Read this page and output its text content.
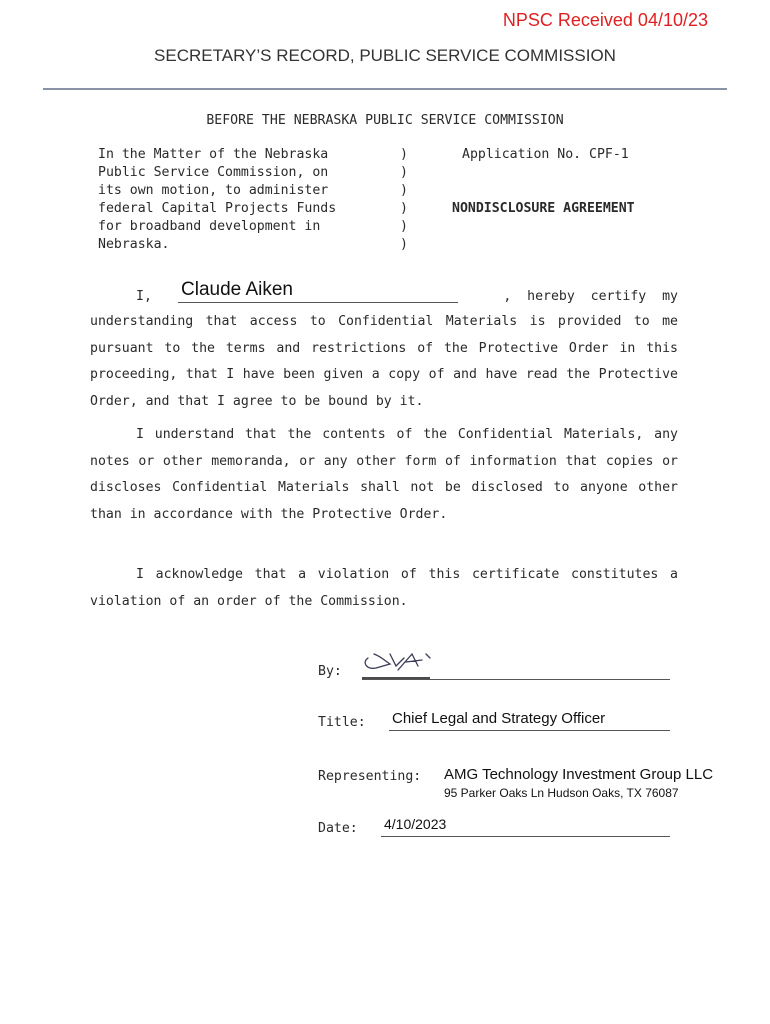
NPSC Received 04/10/23
SECRETARY’S RECORD, PUBLIC SERVICE COMMISSION
BEFORE THE NEBRASKA PUBLIC SERVICE COMMISSION
In the Matter of the Nebraska
Public Service Commission, on
its own motion, to administer
federal Capital Projects Funds
for broadband development in
Nebraska.
)
)
)
)
)
)
Application No. CPF-1
NONDISCLOSURE AGREEMENT
I, Claude Aiken	,  hereby  certify  my
understanding that access to Confidential Materials is provided to me pursuant to the terms and restrictions of the Protective Order in this proceeding, that I have been given a copy of and have read the Protective Order, and that I agree to be bound by it.
I understand that the contents of the Confidential Materials, any notes or other memoranda, or any other form of information that copies or discloses Confidential Materials shall not be disclosed to anyone other than in accordance with the Protective Order.
I acknowledge that a violation of this certificate constitutes a violation of an order of the Commission.
By:
Title: Chief Legal and Strategy Officer
Representing: AMG Technology Investment Group LLC
95 Parker Oaks Ln Hudson Oaks, TX 76087
Date: 4/10/2023
